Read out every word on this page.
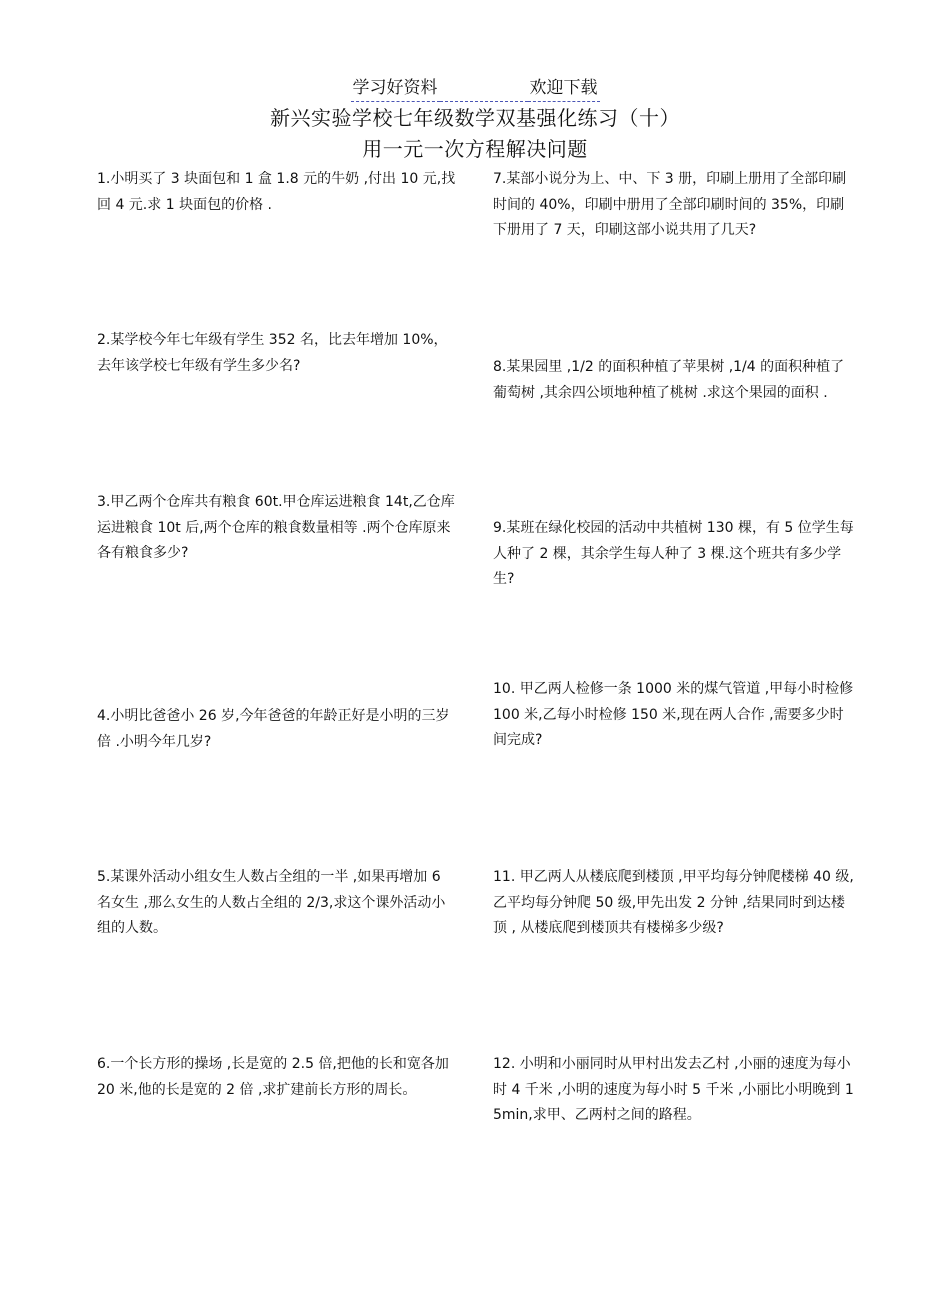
学习好资料	欢迎下载
新兴实验学校七年级数学双基强化练习（十）
用一元一次方程解决问题
1.小明买了 3 块面包和 1 盒 1.8 元的牛奶 ,付出 10 元,找回 4 元.求 1 块面包的价格 .
2.某学校今年七年级有学生 352 名，比去年增加 10%，去年该学校七年级有学生多少名?
3.甲乙两个仓库共有粮食 60t.甲仓库运进粮食 14t,乙仓库运进粮食 10t 后,两个仓库的粮食数量相等 .两个仓库原来各有粮食多少?
4.小明比爸爸小 26 岁,今年爸爸的年龄正好是小明的三岁倍 .小明今年几岁?
5.某课外活动小组女生人数占全组的一半 ,如果再增加 6 名女生 ,那么女生的人数占全组的 2/3,求这个课外活动小组的人数。
6.一个长方形的操场 ,长是宽的 2.5 倍,把他的长和宽各加 20 米,他的长是宽的 2 倍 ,求扩建前长方形的周长。
7.某部小说分为上、中、下 3 册，印刷上册用了全部印刷时间的 40%，印刷中册用了全部印刷时间的 35%，印刷下册用了 7 天，印刷这部小说共用了几天?
8.某果园里 ,1/2 的面积种植了苹果树 ,1/4 的面积种植了葡萄树 ,其余四公顷地种植了桃树 .求这个果园的面积 .
9.某班在绿化校园的活动中共植树 130 棵，有 5 位学生每人种了 2 棵，其余学生每人种了 3 棵.这个班共有多少学生?
10. 甲乙两人检修一条 1000 米的煤气管道 ,甲每小时检修 100 米,乙每小时检修 150 米,现在两人合作 ,需要多少时间完成?
11. 甲乙两人从楼底爬到楼顶 ,甲平均每分钟爬楼梯 40 级,乙平均每分钟爬 50 级,甲先出发 2 分钟 ,结果同时到达楼顶 , 从楼底爬到楼顶共有楼梯多少级?
12. 小明和小丽同时从甲村出发去乙村 ,小丽的速度为每小时 4 千米 ,小明的速度为每小时 5 千米 ,小丽比小明晚到 15min,求甲、乙两村之间的路程。
